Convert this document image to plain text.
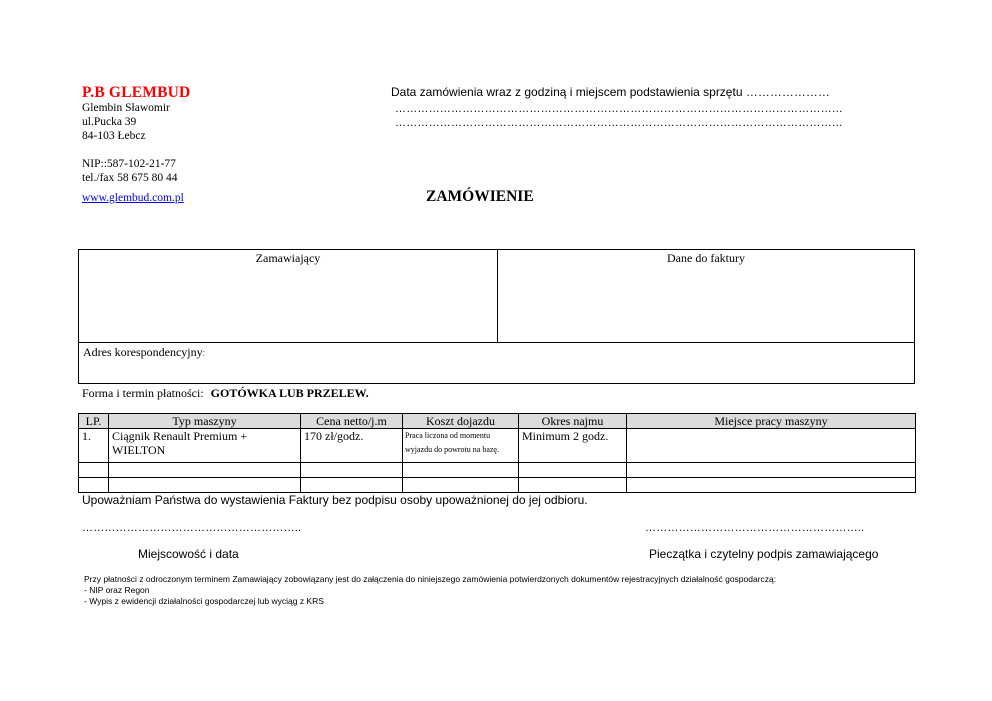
P.B GLEMBUD
Glembin Sławomir
ul.Pucka 39
84-103 Łebcz
NIP::587-102-21-77
tel./fax 58 675 80 44
www.glembud.com.pl
Data zamówienia wraz z godziną i miejscem podstawienia sprzętu …………………
…………………………………………………………………………………………………………
…………………………………………………………………………………………………………
ZAMÓWIENIE
Zamawiający	Dane do faktury
Adres korespondencyjny:
Forma i termin płatności: GOTÓWKA LUB PRZELEW.
LP.	Typ maszyny	Cena netto/j.m	Koszt dojazdu	Okres najmu	Miejsce pracy maszyny
1.	Ciągnik Renault Premium + WIELTON	170 zł/godz.	Praca liczona od momentu wyjazdu do powrotu na bazę.	Minimum 2 godz.	

Upoważniam Państwa do wystawienia Faktury bez podpisu osoby upoważnionej do jej odbioru.
…………………………………………………..	…………………………………………………..
Miejscowość i data	Pieczątka i czytelny podpis zamawiającego
Przy płatności z odroczonym terminem Zamawiający zobowiązany jest do załączenia do niniejszego zamówienia potwierdzonych dokumentów rejestracyjnych działalność gospodarczą:
- NIP oraz Regon
- Wypis z ewidencji działalności gospodarczej lub wyciąg z KRS
